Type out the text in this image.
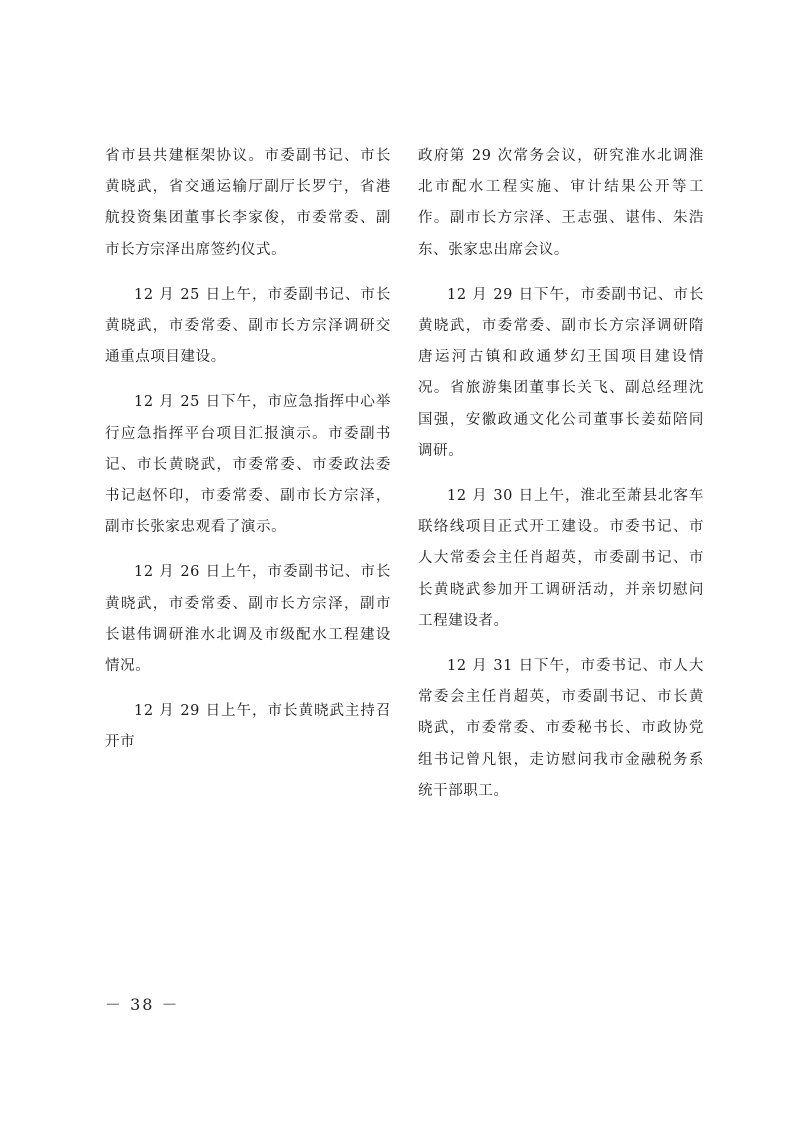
省市县共建框架协议。市委副书记、市长黄晓武，省交通运输厅副厅长罗宁，省港航投资集团董事长李家俊，市委常委、副市长方宗泽出席签约仪式。

12 月 25 日上午，市委副书记、市长黄晓武，市委常委、副市长方宗泽调研交通重点项目建设。

12 月 25 日下午，市应急指挥中心举行应急指挥平台项目汇报演示。市委副书记、市长黄晓武，市委常委、市委政法委书记赵怀印，市委常委、副市长方宗泽，副市长张家忠观看了演示。

12 月 26 日上午，市委副书记、市长黄晓武，市委常委、副市长方宗泽，副市长谌伟调研淮水北调及市级配水工程建设情况。

12 月 29 日上午，市长黄晓武主持召开市

政府第 29 次常务会议，研究淮水北调淮北市配水工程实施、审计结果公开等工作。副市长方宗泽、王志强、谌伟、朱浩东、张家忠出席会议。

12 月 29 日下午，市委副书记、市长黄晓武，市委常委、副市长方宗泽调研隋唐运河古镇和政通梦幻王国项目建设情况。省旅游集团董事长关飞、副总经理沈国强，安徽政通文化公司董事长姜茹陪同调研。

12 月 30 日上午，淮北至萧县北客车联络线项目正式开工建设。市委书记、市人大常委会主任肖超英，市委副书记、市长黄晓武参加开工调研活动，并亲切慰问工程建设者。

12 月 31 日下午，市委书记、市人大常委会主任肖超英，市委副书记、市长黄晓武，市委常委、市委秘书长、市政协党组书记曾凡银，走访慰问我市金融税务系统干部职工。

－ 38 －
